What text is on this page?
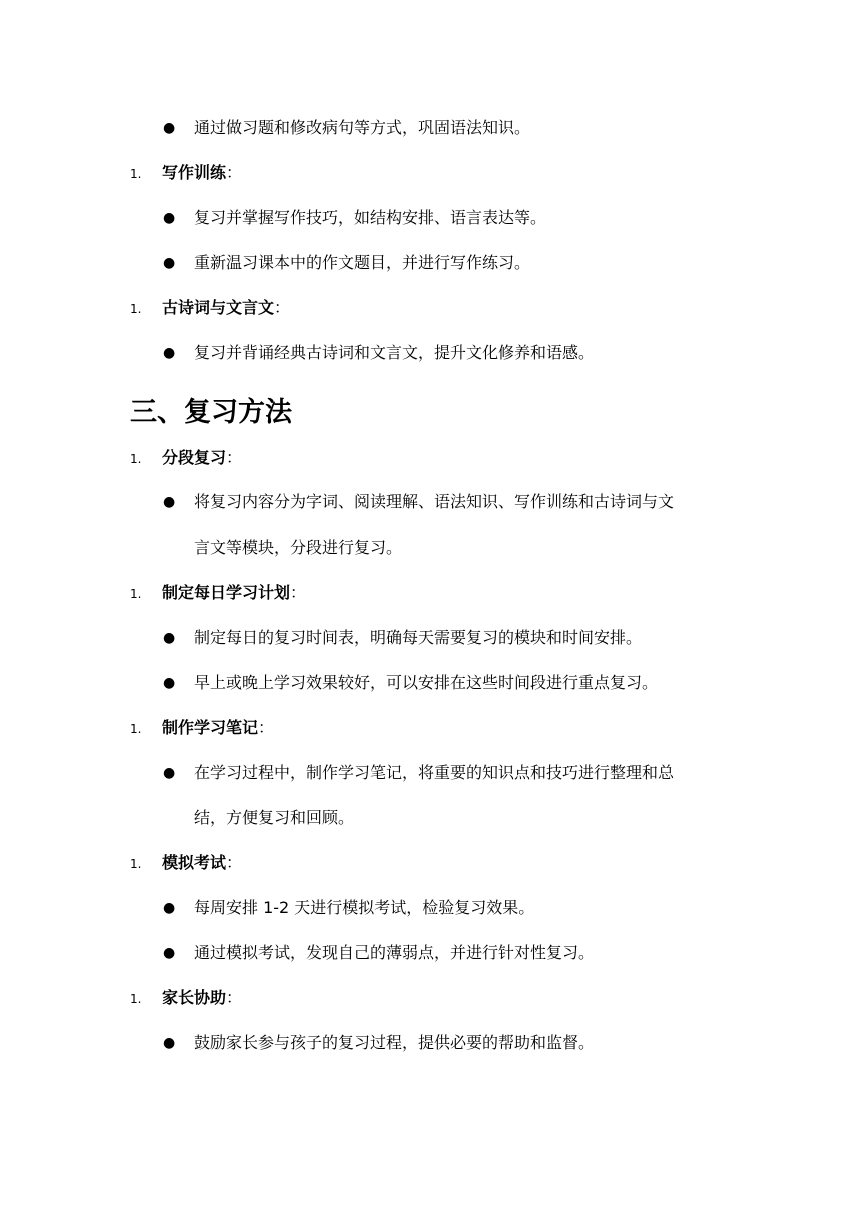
● 通过做习题和修改病句等方式，巩固语法知识。
1. 写作训练：
● 复习并掌握写作技巧，如结构安排、语言表达等。
● 重新温习课本中的作文题目，并进行写作练习。
1. 古诗词与文言文：
● 复习并背诵经典古诗词和文言文，提升文化修养和语感。
三、复习方法
1. 分段复习：
● 将复习内容分为字词、阅读理解、语法知识、写作训练和古诗词与文
言文等模块，分段进行复习。
1. 制定每日学习计划：
● 制定每日的复习时间表，明确每天需要复习的模块和时间安排。
● 早上或晚上学习效果较好，可以安排在这些时间段进行重点复习。
1. 制作学习笔记：
● 在学习过程中，制作学习笔记，将重要的知识点和技巧进行整理和总
结，方便复习和回顾。
1. 模拟考试：
● 每周安排 1-2 天进行模拟考试，检验复习效果。
● 通过模拟考试，发现自己的薄弱点，并进行针对性复习。
1. 家长协助：
● 鼓励家长参与孩子的复习过程，提供必要的帮助和监督。
